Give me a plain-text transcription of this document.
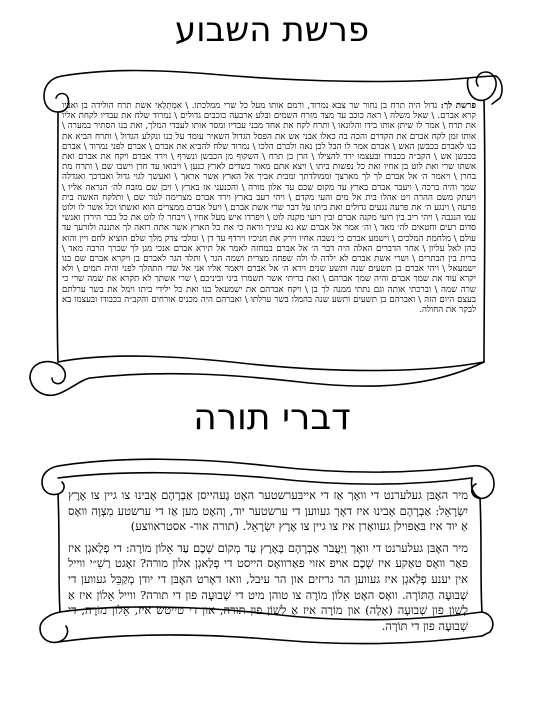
פרשת השבוע
פרשת לך: גדול היה תרח בן נחור שר צבא נמרוד, ורמם אותו מעל כל שרי ממלכתו. \ אִמְתְלַאִי אשת תרח הולידה בן ואביו קרא אברם. \ שאל משלה \ ראה כוכב עד מצד מזרח השמים ובלע ארבעה כוכבים גדולים \ נמרוד שלח את עבדיו לקחת אליו את תרח \ אמר לו שיתן אותו בידו והלונאו \ ותרח לקח את אחד מבני עבדיו ומסר אותו לעבדי המלך, ואת בנו הסתיר במערה \ אותו זמן לקח אברם את הקדרם והכה בה כאלו אבני אש את הפסל הגדול השאיר עומד על כנו ונקלע הגדול \ ותרח הביא את בנו לאברם בכבשן האש \ אברם אמר לו הבל לכן נאה ולכרם הלכו \ נמרוד שלח להביא את אברם \ אברם לפני נמרוד \ אברם בכבשן אש \ הקב״ה בכבודו ובעצמו ירד להצילו \ הרן בן תרח \ השקוף מן הכבשן ונשרף \ וירד אברם ויקח את אברם ואת אשתו שרי ואת לוט בן אחיו ואת כל נפשות ביתו \ ויצא אתם מאור כשדים לארץ כנען \ ויבואו עד חרן וישבו שם \ ותרח מת בחרן \ ויאמר ה׳ אל אברם לך לך מארצך וממולדתך ומבית אביך אל הארץ אשר אראך \ ואעשך לגוי גדול ואברכך ואגדלה שמך והיה ברכה \ ויעבר אברם בארץ עד מקום שכם עד אלון מורה \ והכנעני אז בארץ \ ויבן שם מזבח לה׳ הנראה אליו \ ויעתק משם ההרה ויט אהלו בית אל מים והעי מקדם \ ויהי רעב בארץ וירד אברם מצרימה לגור שם \ ותלקח האשה בית פרעה \ וינגע ה׳ את פרעה נגעים גדולים ואת ביתו על דבר שרי אשת אברם \ ויעל אברם ממצרים הוא ואשתו וכל אשר לו ולוט עמו הנגבה \ ויהי ריב בין רועי מקנה אברם ובין רועי מקנה לוט \ ויפרדו איש מעל אחיו \ ויבחר לו לוט את כל ככר הירדן ואנשי סדום רעים וחטאים לה׳ מאד \ וה׳ אמר אל אברם שא נא עיניך וראה כי את כל הארץ אשר אתה רואה לך אתננה ולזרעך עד עולם \ מלחמת המלכים \ וישמע אברם כי נשבה אחיו וירק את חניכיו וירדף עד דן \ ומלכי צדק מלך שלם הוציא לחם ויין והוא כהן לאל עליון \ אחר הדברים האלה היה דבר ה׳ אל אברם במחזה לאמר אל תירא אברם אנכי מגן לך שכרך הרבה מאד \ ברית בין הבתרים \ ושרי אשת אברם לא ילדה לו ולה שפחה מצרית ושמה הגר \ ותלד הגר לאברם בן ויקרא אברם שם בנו ישמעאל \ ויהי אברם בן תשעים שנה ותשע שנים וירא ה׳ אל אברם ויאמר אליו אני אל שדי התהלך לפני והיה תמים \ ולא יקרא עוד את שמך אברם והיה שמך אברהם \ זאת בריתי אשר תשמרו ביני וביניכם \ שרי אשתך לא תקרא את שמה שרי כי שרה שמה \ וברכתי אותה וגם נתתי ממנה לך בן \ ויקח אברהם את ישמעאל בנו ואת כל ילידי ביתו וימל את בשר ערלתם בעצם היום הזה \ ואברהם בן תשעים ותשע שנה בהמלו בשר ערלתו \ ואברהם היה מכניס אורחים והקב״ה בכבודו ובעצמו בא לבקר את החולה.
דברי תורה

מיר האָבּן געלערנט די וואָך אַז די אייבּערשטער האָט גֶעהייסן אַבְרָהָם אָבינוּ צו גיין צו אֶרֶץ יִשְׂרָאֵל: אַבְרָהָם אָבינוּ איז דאָך געווען די ערשטער יוד, וָהאָט מען אַז די ערשטע מִצְוָה וואָס אַ יוד איז בּאַפוילן געוואָרן איז צו גיין צו אֶרֶץ יִשְׂרָאֵל. (תורה אור- אסטראווצע)

מיר האָבּן געלערנט די וואָך וַיַּעֲבֹר אַבְרָהָם בָּאָרֶץ עַד מְקוֹם שְׁכֶם עַד אֵלוֹן מוֹרֶה: די פְלַאגְן איז פאַר וואָס טאַקע איז שְׁכֶם אויפ אזוי פאַרוואָס הייסט די פְלַאגְן אלון מורה? זאָגט רַשִׁ״י ווייל אין יענע פְלַאגְן איז געווען הר גריזים און הר עיבל, וואו דאָרט האָבּן די יודן מְקַבֵּל געווען די שְׁבוּעָה הַתּוֹרָה. וואָס האָט אֵלוֹן מוֹרֶה צו טוהן מיט די שְׁבוּעָה פון די תורה? ווייל אֵלוֹן איז אַ לָשׁוֹן פון שְׁבוּעָה (אָלָה) און מוֹרֶה איז אַ לָשׁוֹן פון תורה, און די טייטש איז, אֵלוֹן מוֹרֶה, די שְׁבוּעָה פון די תּוֹרָה.
